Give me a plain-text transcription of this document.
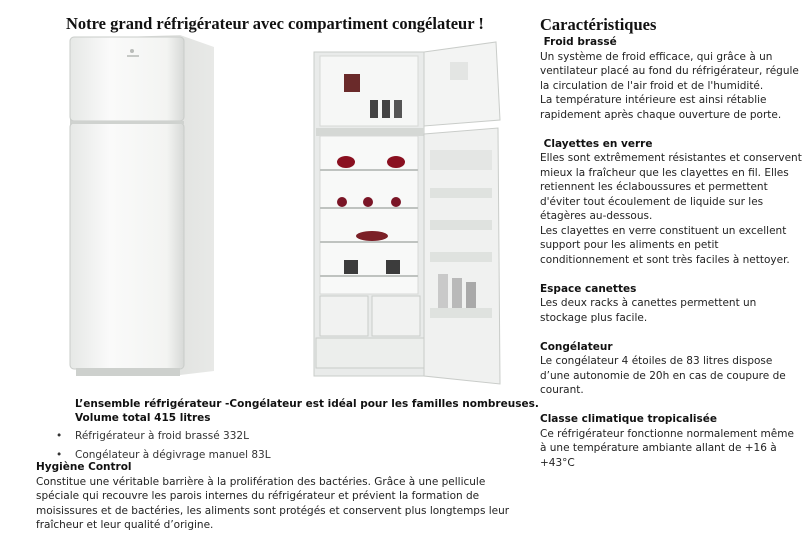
Notre grand réfrigérateur avec compartiment congélateur !
L’ensemble réfrigérateur -Congélateur est idéal pour les familles nombreuses.
Volume total 415 litres
• Réfrigérateur à froid brassé 332L
• Congélateur à dégivrage manuel 83L
Hygiène Control
Constitue une véritable barrière à la prolifération des bactéries. Grâce à une pellicule spéciale qui recouvre les parois internes du réfrigérateur et prévient la formation de moisissures et de bactéries, les aliments sont protégés et conservent plus longtemps leur fraîcheur et leur qualité d’origine.
Caractéristiques
Froid brassé

Un système de froid efficace, qui grâce à un ventilateur placé au fond du réfrigérateur, régule la circulation de l'air froid et de l'humidité.

La température intérieure est ainsi rétablie rapidement après chaque ouverture de porte.

Clayettes en verre

Elles sont extrêmement résistantes et conservent mieux la fraîcheur que les clayettes en fil. Elles retiennent les éclaboussures et permettent d'éviter tout écoulement de liquide sur les étagères au-dessous.

Les clayettes en verre constituent un excellent support pour les aliments en petit conditionnement et sont très faciles à nettoyer.

Espace canettes

Les deux racks à canettes permettent un stockage plus facile.

Congélateur

Le congélateur 4 étoiles de 83 litres dispose d’une autonomie de 20h en cas de coupure de courant.

Classe climatique tropicalisée

Ce réfrigérateur fonctionne normalement même à une température ambiante allant de +16 à +43°C
